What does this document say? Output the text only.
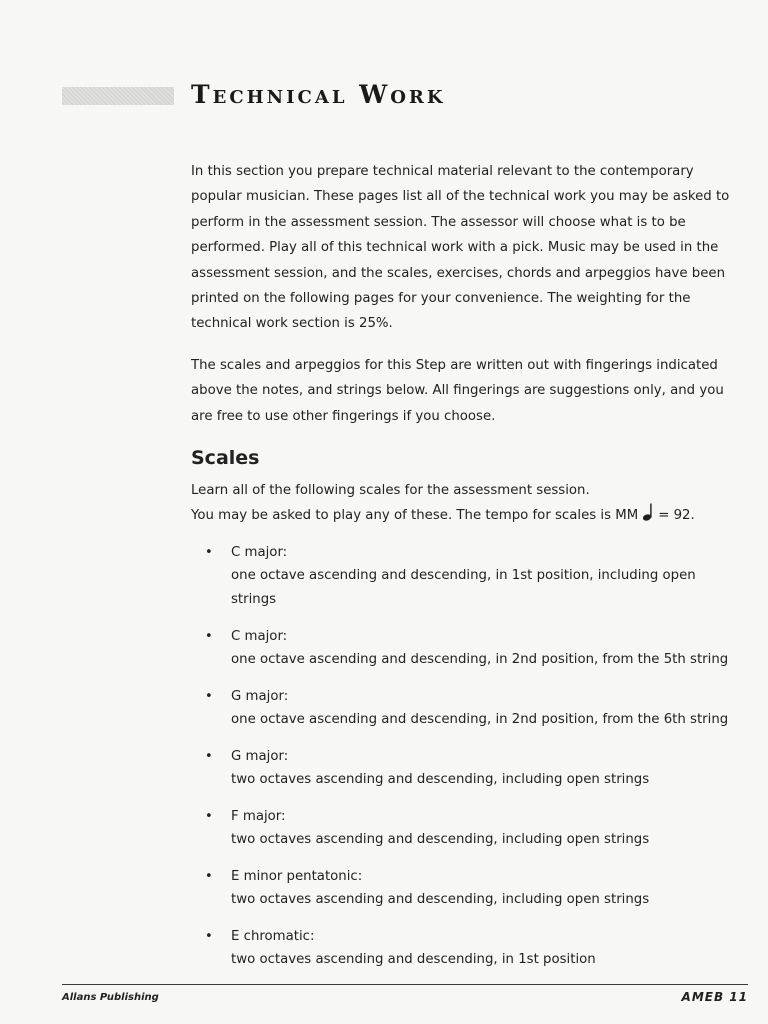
Technical Work

In this section you prepare technical material relevant to the contemporary popular musician. These pages list all of the technical work you may be asked to perform in the assessment session. The assessor will choose what is to be performed. Play all of this technical work with a pick. Music may be used in the assessment session, and the scales, exercises, chords and arpeggios have been printed on the following pages for your convenience. The weighting for the technical work section is 25%.

The scales and arpeggios for this Step are written out with fingerings indicated above the notes, and strings below. All fingerings are suggestions only, and you are free to use other fingerings if you choose.

Scales

Learn all of the following scales for the assessment session.

You may be asked to play any of these. The tempo for scales is MM = 92.

• C major:

one octave ascending and descending, in 1st position, including open strings

• C major:

one octave ascending and descending, in 2nd position, from the 5th string

• G major:

one octave ascending and descending, in 2nd position, from the 6th string

• G major:

two octaves ascending and descending, including open strings

• F major:

two octaves ascending and descending, including open strings

• E minor pentatonic:

two octaves ascending and descending, including open strings

• E chromatic:

two octaves ascending and descending, in 1st position

Allans Publishing	AMEB 11
